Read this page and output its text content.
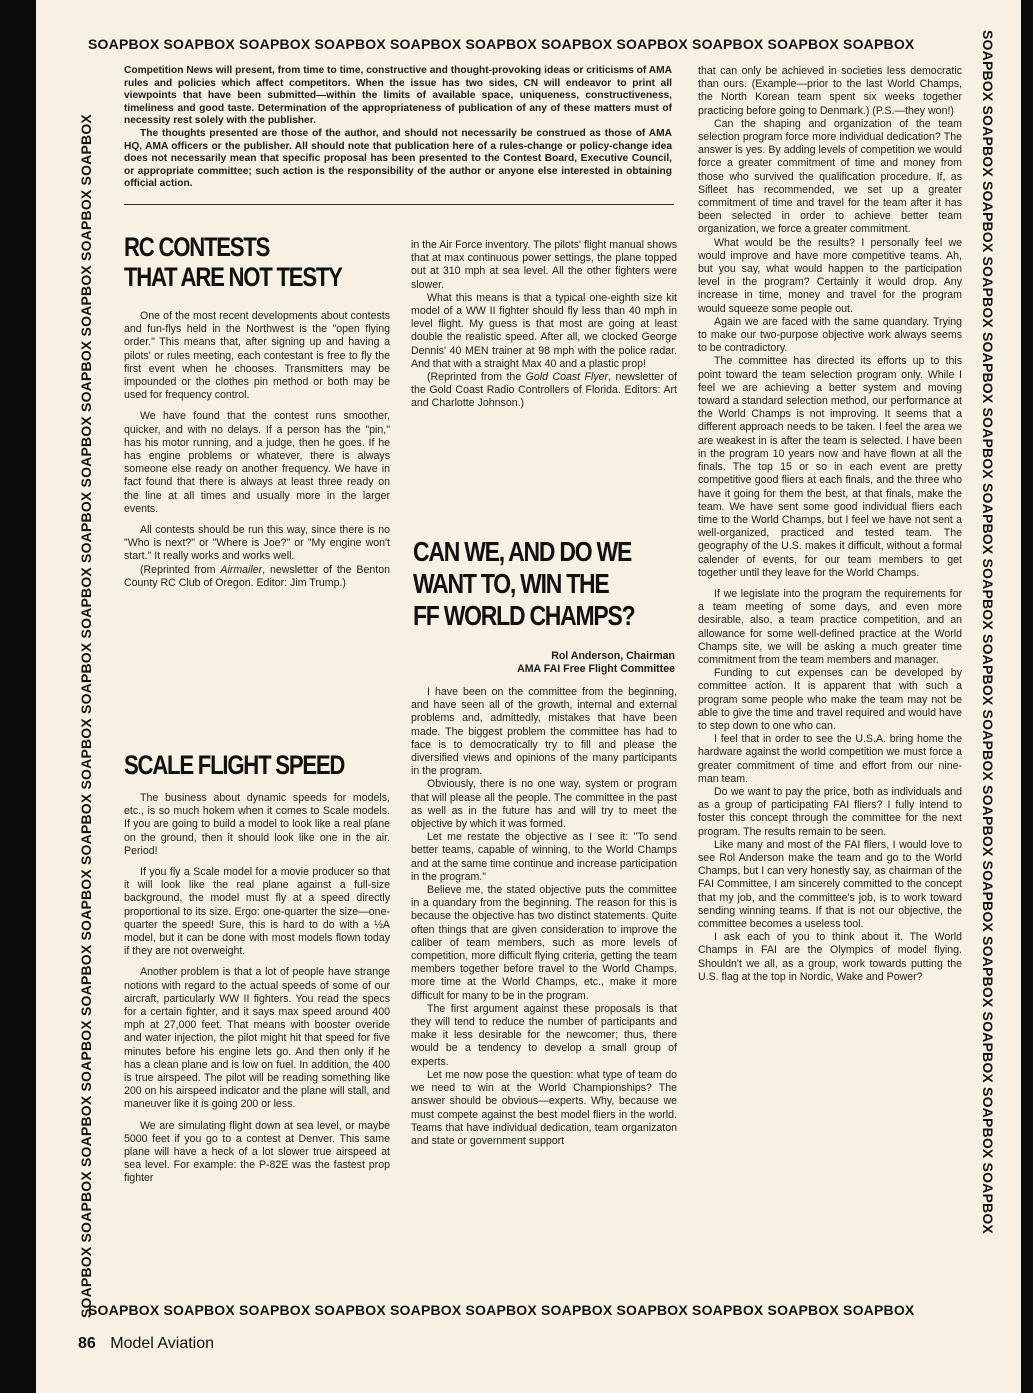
SOAPBOX SOAPBOX SOAPBOX SOAPBOX SOAPBOX SOAPBOX SOAPBOX SOAPBOX SOAPBOX SOAPBOX SOAPBOX
SOAPBOX SOAPBOX SOAPBOX SOAPBOX SOAPBOX SOAPBOX SOAPBOX SOAPBOX SOAPBOX SOAPBOX SOAPBOX
SOAPBOX SOAPBOX SOAPBOX SOAPBOX SOAPBOX SOAPBOX SOAPBOX SOAPBOX SOAPBOX SOAPBOX SOAPBOX SOAPBOX SOAPBOX SOAPBOX SOAPBOX SOAPBOX	SOAPBOX SOAPBOX SOAPBOX SOAPBOX SOAPBOX SOAPBOX SOAPBOX SOAPBOX SOAPBOX SOAPBOX SOAPBOX SOAPBOX SOAPBOX SOAPBOX SOAPBOX SOAPBOX

Competition News will present, from time to time, constructive and thought-provoking ideas or criticisms of AMA rules and policies which affect competitors. When the issue has two sides, CN will endeavor to print all viewpoints that have been submitted—within the limits of available space, uniqueness, constructiveness, timeliness and good taste. Determination of the appropriateness of publication of any of these matters must of necessity rest solely with the publisher.

The thoughts presented are those of the author, and should not necessarily be construed as those of AMA HQ, AMA officers or the publisher. All should note that publication here of a rules-change or policy-change idea does not necessarily mean that specific proposal has been presented to the Contest Board, Executive Council, or appropriate committee; such action is the responsibility of the author or anyone else interested in obtaining official action.

RC CONTESTS
THAT ARE NOT TESTY

One of the most recent developments about contests and fun-flys held in the Northwest is the "open flying order." This means that, after signing up and having a pilots' or rules meeting, each contestant is free to fly the first event when he chooses. Transmitters may be impounded or the clothes pin method or both may be used for frequency control.

We have found that the contest runs smoother, quicker, and with no delays. If a person has the "pin," has his motor running, and a judge, then he goes. If he has engine problems or whatever, there is always someone else ready on another frequency. We have in fact found that there is always at least three ready on the line at all times and usually more in the larger events.

All contests should be run this way, since there is no "Who is next?" or "Where is Joe?" or "My engine won't start." It really works and works well.

(Reprinted from Airmailer, newsletter of the Benton County RC Club of Oregon. Editor: Jim Trump.)

SCALE FLIGHT SPEED

The business about dynamic speeds for models, etc., is so much hokem when it comes to Scale models. If you are going to build a model to look like a real plane on the ground, then it should look like one in the air. Period!

If you fly a Scale model for a movie producer so that it will look like the real plane against a full-size background, the model must fly at a speed directly proportional to its size. Ergo: one-quarter the size—one-quarter the speed! Sure, this is hard to do with a ½A model, but it can be done with most models flown today if they are not overweight.

Another problem is that a lot of people have strange notions with regard to the actual speeds of some of our aircraft, particularly WW II fighters. You read the specs for a certain fighter, and it says max speed around 400 mph at 27,000 feet. That means with booster overide and water injection, the pilot might hit that speed for five minutes before his engine lets go. And then only if he has a clean plane and is low on fuel. In addition, the 400 is true airspeed. The pilot will be reading something like 200 on his airspeed indicator and the plane will stall, and maneuver like it is going 200 or less.

We are simulating flight down at sea level, or maybe 5000 feet if you go to a contest at Denver. This same plane will have a heck of a lot slower true airspeed at sea level. For example: the P-82E was the fastest prop fighter

in the Air Force inventory. The pilots' flight manual shows that at max continuous power settings, the plane topped out at 310 mph at sea level. All the other fighters were slower.

What this means is that a typical one-eighth size kit model of a WW II fighter should fly less than 40 mph in level flight. My guess is that most are going at least double the realistic speed. After all, we clocked George Dennis' 40 MEN trainer at 98 mph with the police radar. And that with a straight Max 40 and a plastic prop!

(Reprinted from the Gold Coast Flyer, newsletter of the Gold Coast Radio Controllers of Florida. Editors: Art and Charlotte Johnson.)

CAN WE, AND DO WE
WANT TO, WIN THE
FF WORLD CHAMPS?
Rol Anderson, Chairman
AMA FAI Free Flight Committee

I have been on the committee from the beginning, and have seen all of the growth, internal and external problems and, admittedly, mistakes that have been made. The biggest problem the committee has had to face is to democratically try to fill and please the diversified views and opinions of the many participants in the program.

Obviously, there is no one way, system or program that will please all the people. The committee in the past as well as in the future has and will try to meet the objective by which it was formed.

Let me restate the objective as I see it: "To send better teams, capable of winning, to the World Champs and at the same time continue and increase participation in the program."

Believe me, the stated objective puts the committee in a quandary from the beginning. The reason for this is because the objective has two distinct statements. Quite often things that are given consideration to improve the caliber of team members, such as more levels of competition, more difficult flying criteria, getting the team members together before travel to the World Champs, more time at the World Champs, etc., make it more difficult for many to be in the program.

The first argument against these proposals is that they will tend to reduce the number of participants and make it less desirable for the newcomer; thus, there would be a tendency to develop a small group of experts.

Let me now pose the question: what type of team do we need to win at the World Championships? The answer should be obvious—experts. Why, because we must compete against the best model fliers in the world. Teams that have individual dedication, team organizaton and state or government support

that can only be achieved in societies less democratic than ours. (Example—prior to the last World Champs, the North Korean team spent six weeks together practicing before going to Denmark.) (P.S.—they won!)

Can the shaping and organization of the team selection program force more individual dedication? The answer is yes. By adding levels of competition we would force a greater commitment of time and money from those who survived the qualification procedure. If, as Sifleet has recommended, we set up a greater commitment of time and travel for the team after it has been selected in order to achieve better team organization, we force a greater commitment.

What would be the results? I personally feel we would improve and have more competitive teams. Ah, but you say, what would happen to the participation level in the program? Certainly it would drop. Any increase in time, money and travel for the program would squeeze some people out.

Again we are faced with the same quandary. Trying to make our two-purpose objective work always seems to be contradictory.

The committee has directed its efforts up to this point toward the team selection program only. While I feel we are achieving a better system and moving toward a standard selection method, our performance at the World Champs is not improving. It seems that a different approach needs to be taken. I feel the area we are weakest in is after the team is selected. I have been in the program 10 years now and have flown at all the finals. The top 15 or so in each event are pretty competitive good fliers at each finals, and the three who have it going for them the best, at that finals, make the team. We have sent some good individual fliers each time to the World Champs, but I feel we have not sent a well-organized, practiced and tested team. The geography of the U.S. makes it difficult, without a formal calender of events, for our team members to get together until they leave for the World Champs.

If we legislate into the program the requirements for a team meeting of some days, and even more desirable, also, a team practice competition, and an allowance for some well-defined practice at the World Champs site, we will be asking a much greater time commitment from the team members and manager.

Funding to cut expenses can be developed by committee action. It is apparent that with such a program some people who make the team may not be able to give the time and travel required and would have to step down to one who can.

I feel that in order to see the U.S.A. bring home the hardware against the world competition we must force a greater commitment of time and effort from our nine-man team.

Do we want to pay the price, both as individuals and as a group of participating FAI fliers? I fully intend to foster this concept through the committee for the next program. The results remain to be seen.

Like many and most of the FAI fliers, I would love to see Rol Anderson make the team and go to the World Champs, but I can very honestly say, as chairman of the FAI Committee, I am sincerely committed to the concept that my job, and the committee's job, is to work toward sending winning teams. If that is not our objective, the committee becomes a useless tool.

I ask each of you to think about it. The World Champs in FAI are the Olympics of model flying. Shouldn't we all, as a group, work towards putting the U.S. flag at the top in Nordic, Wake and Power?

86 Model Aviation
